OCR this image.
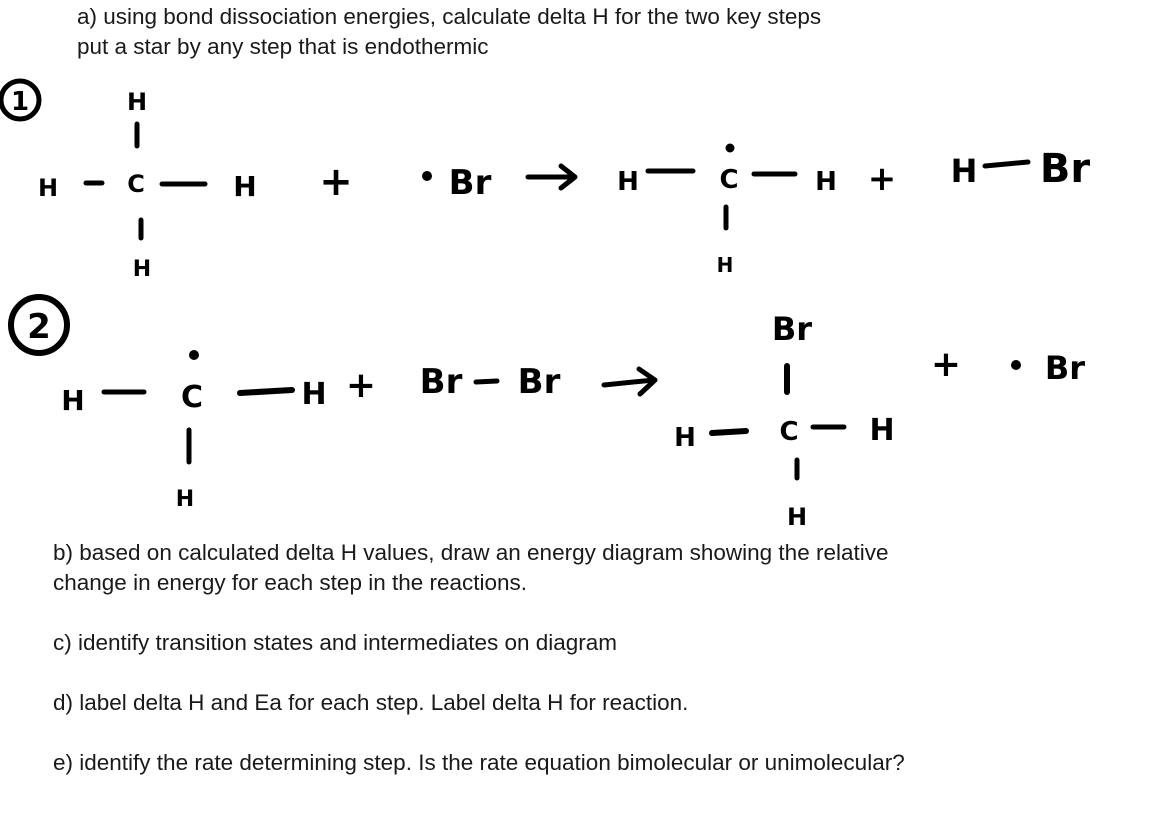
a) using bond dissociation energies, calculate delta H for the two key steps
put a star by any step that is endothermic
b) based on calculated delta H values, draw an energy diagram showing the relative
change in energy for each step in the reactions.

c) identify transition states and intermediates on diagram

d) label delta H and Ea for each step. Label delta H for reaction.

e) identify the rate determining step. Is the rate equation bimolecular or unimolecular?

1	H
H	C	H
H
+	Br	H	C	H
H
+ H Br
2
H	C	H
H
+ Br Br
Br
H	C H
H
+	Br
